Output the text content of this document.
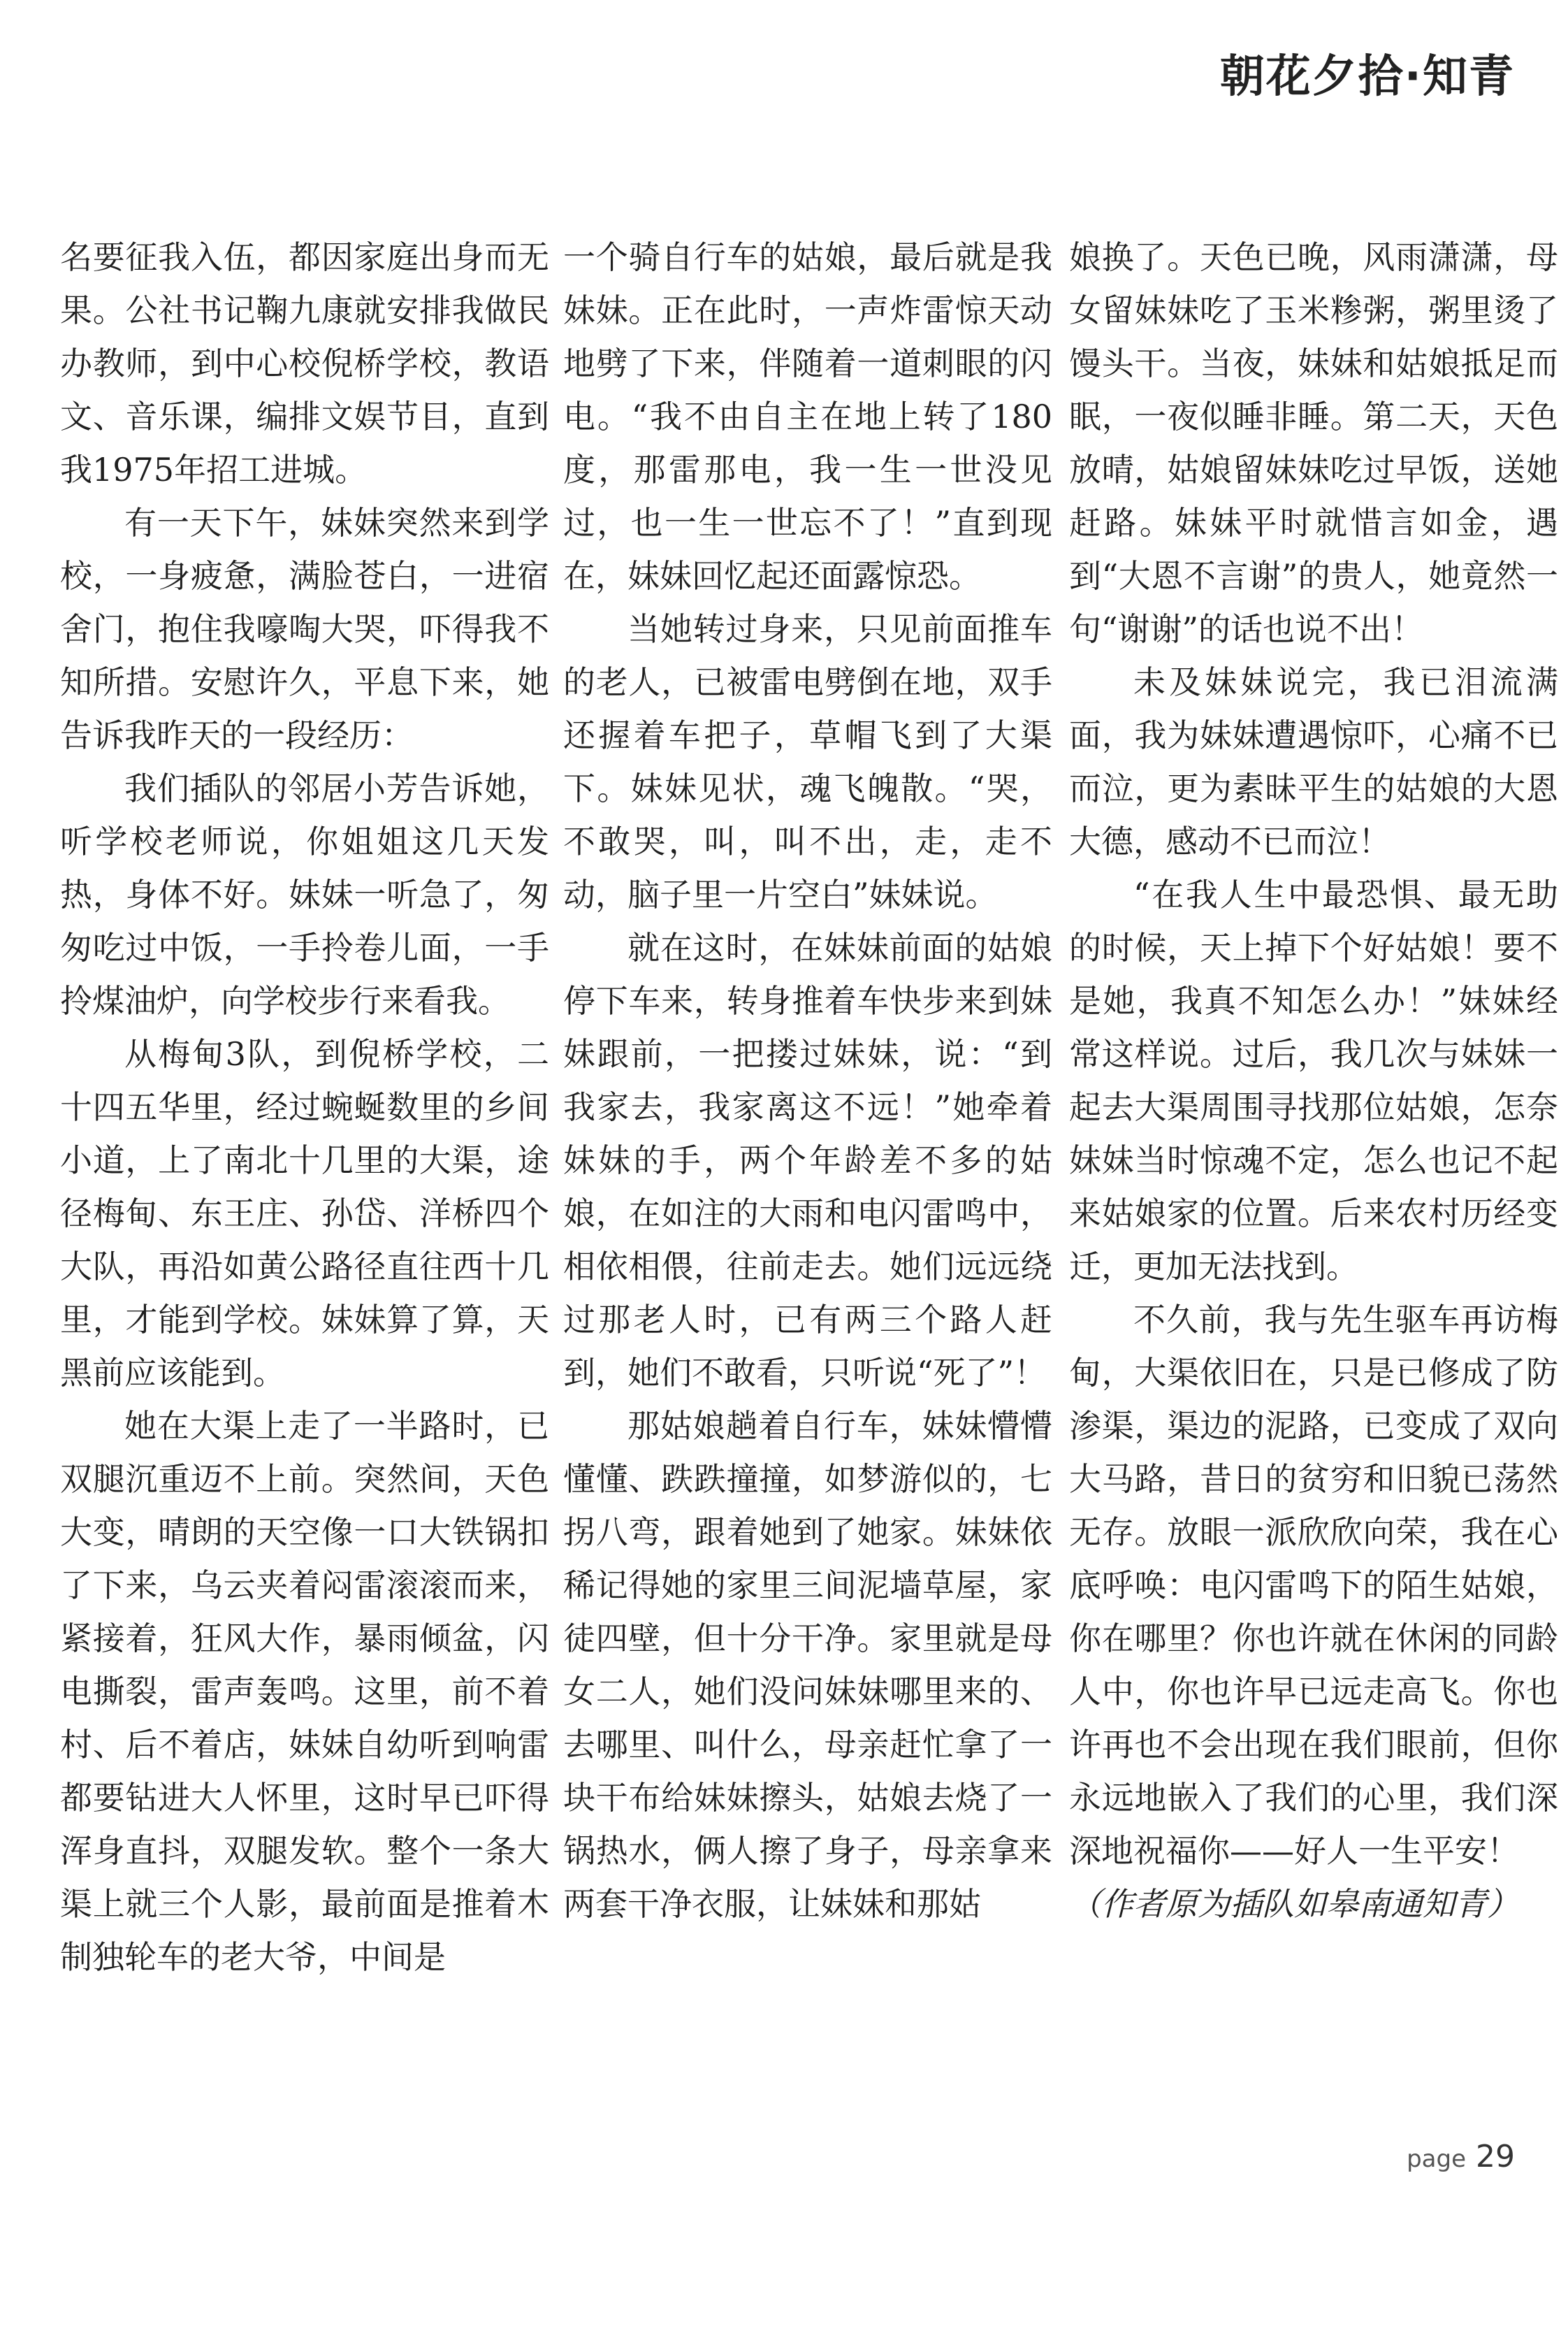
朝花夕拾·知青

名要征我入伍，都因家庭出身而无果。公社书记鞠九康就安排我做民办教师，到中心校倪桥学校，教语文、音乐课，编排文娱节目，直到我1975年招工进城。

有一天下午，妹妹突然来到学校，一身疲惫，满脸苍白，一进宿舍门，抱住我嚎啕大哭，吓得我不知所措。安慰许久，平息下来，她告诉我昨天的一段经历：

我们插队的邻居小芳告诉她，听学校老师说，你姐姐这几天发热，身体不好。妹妹一听急了，匆匆吃过中饭，一手拎卷儿面，一手拎煤油炉，向学校步行来看我。

从梅甸3队，到倪桥学校，二十四五华里，经过蜿蜒数里的乡间小道，上了南北十几里的大渠，途径梅甸、东王庄、孙岱、洋桥四个大队，再沿如黄公路径直往西十几里，才能到学校。妹妹算了算，天黑前应该能到。

她在大渠上走了一半路时，已双腿沉重迈不上前。突然间，天色大变，晴朗的天空像一口大铁锅扣了下来，乌云夹着闷雷滚滚而来，紧接着，狂风大作，暴雨倾盆，闪电撕裂，雷声轰鸣。这里，前不着村、后不着店，妹妹自幼听到响雷都要钻进大人怀里，这时早已吓得浑身直抖，双腿发软。整个一条大渠上就三个人影，最前面是推着木制独轮车的老大爷，中间是

一个骑自行车的姑娘，最后就是我妹妹。正在此时，一声炸雷惊天动地劈了下来，伴随着一道刺眼的闪电。“我不由自主在地上转了180度，那雷那电，我一生一世没见过，也一生一世忘不了！”直到现在，妹妹回忆起还面露惊恐。

当她转过身来，只见前面推车的老人，已被雷电劈倒在地，双手还握着车把子，草帽飞到了大渠下。妹妹见状，魂飞魄散。“哭，不敢哭，叫，叫不出，走，走不动，脑子里一片空白”妹妹说。

就在这时，在妹妹前面的姑娘停下车来，转身推着车快步来到妹妹跟前，一把搂过妹妹，说：“到我家去，我家离这不远！”她牵着妹妹的手，两个年龄差不多的姑娘，在如注的大雨和电闪雷鸣中，相依相偎，往前走去。她们远远绕过那老人时，已有两三个路人赶到，她们不敢看，只听说“死了”！

那姑娘趟着自行车，妹妹懵懵懂懂、跌跌撞撞，如梦游似的，七拐八弯，跟着她到了她家。妹妹依稀记得她的家里三间泥墙草屋，家徒四壁，但十分干净。家里就是母女二人，她们没问妹妹哪里来的、去哪里、叫什么，母亲赶忙拿了一块干布给妹妹擦头，姑娘去烧了一锅热水，俩人擦了身子，母亲拿来两套干净衣服，让妹妹和那姑

娘换了。天色已晚，风雨潇潇，母女留妹妹吃了玉米糁粥，粥里烫了馒头干。当夜，妹妹和姑娘抵足而眠，一夜似睡非睡。第二天，天色放晴，姑娘留妹妹吃过早饭，送她赶路。妹妹平时就惜言如金，遇到“大恩不言谢”的贵人，她竟然一句“谢谢”的话也说不出！

未及妹妹说完，我已泪流满面，我为妹妹遭遇惊吓，心痛不已而泣，更为素昧平生的姑娘的大恩大德，感动不已而泣！

“在我人生中最恐惧、最无助的时候，天上掉下个好姑娘！要不是她，我真不知怎么办！”妹妹经常这样说。过后，我几次与妹妹一起去大渠周围寻找那位姑娘，怎奈妹妹当时惊魂不定，怎么也记不起来姑娘家的位置。后来农村历经变迁，更加无法找到。

不久前，我与先生驱车再访梅甸，大渠依旧在，只是已修成了防渗渠，渠边的泥路，已变成了双向大马路，昔日的贫穷和旧貌已荡然无存。放眼一派欣欣向荣，我在心底呼唤：电闪雷鸣下的陌生姑娘，你在哪里？你也许就在休闲的同龄人中，你也许早已远走高飞。你也许再也不会出现在我们眼前，但你永远地嵌入了我们的心里，我们深深地祝福你——好人一生平安！

（作者原为插队如皋南通知青）

page 29
